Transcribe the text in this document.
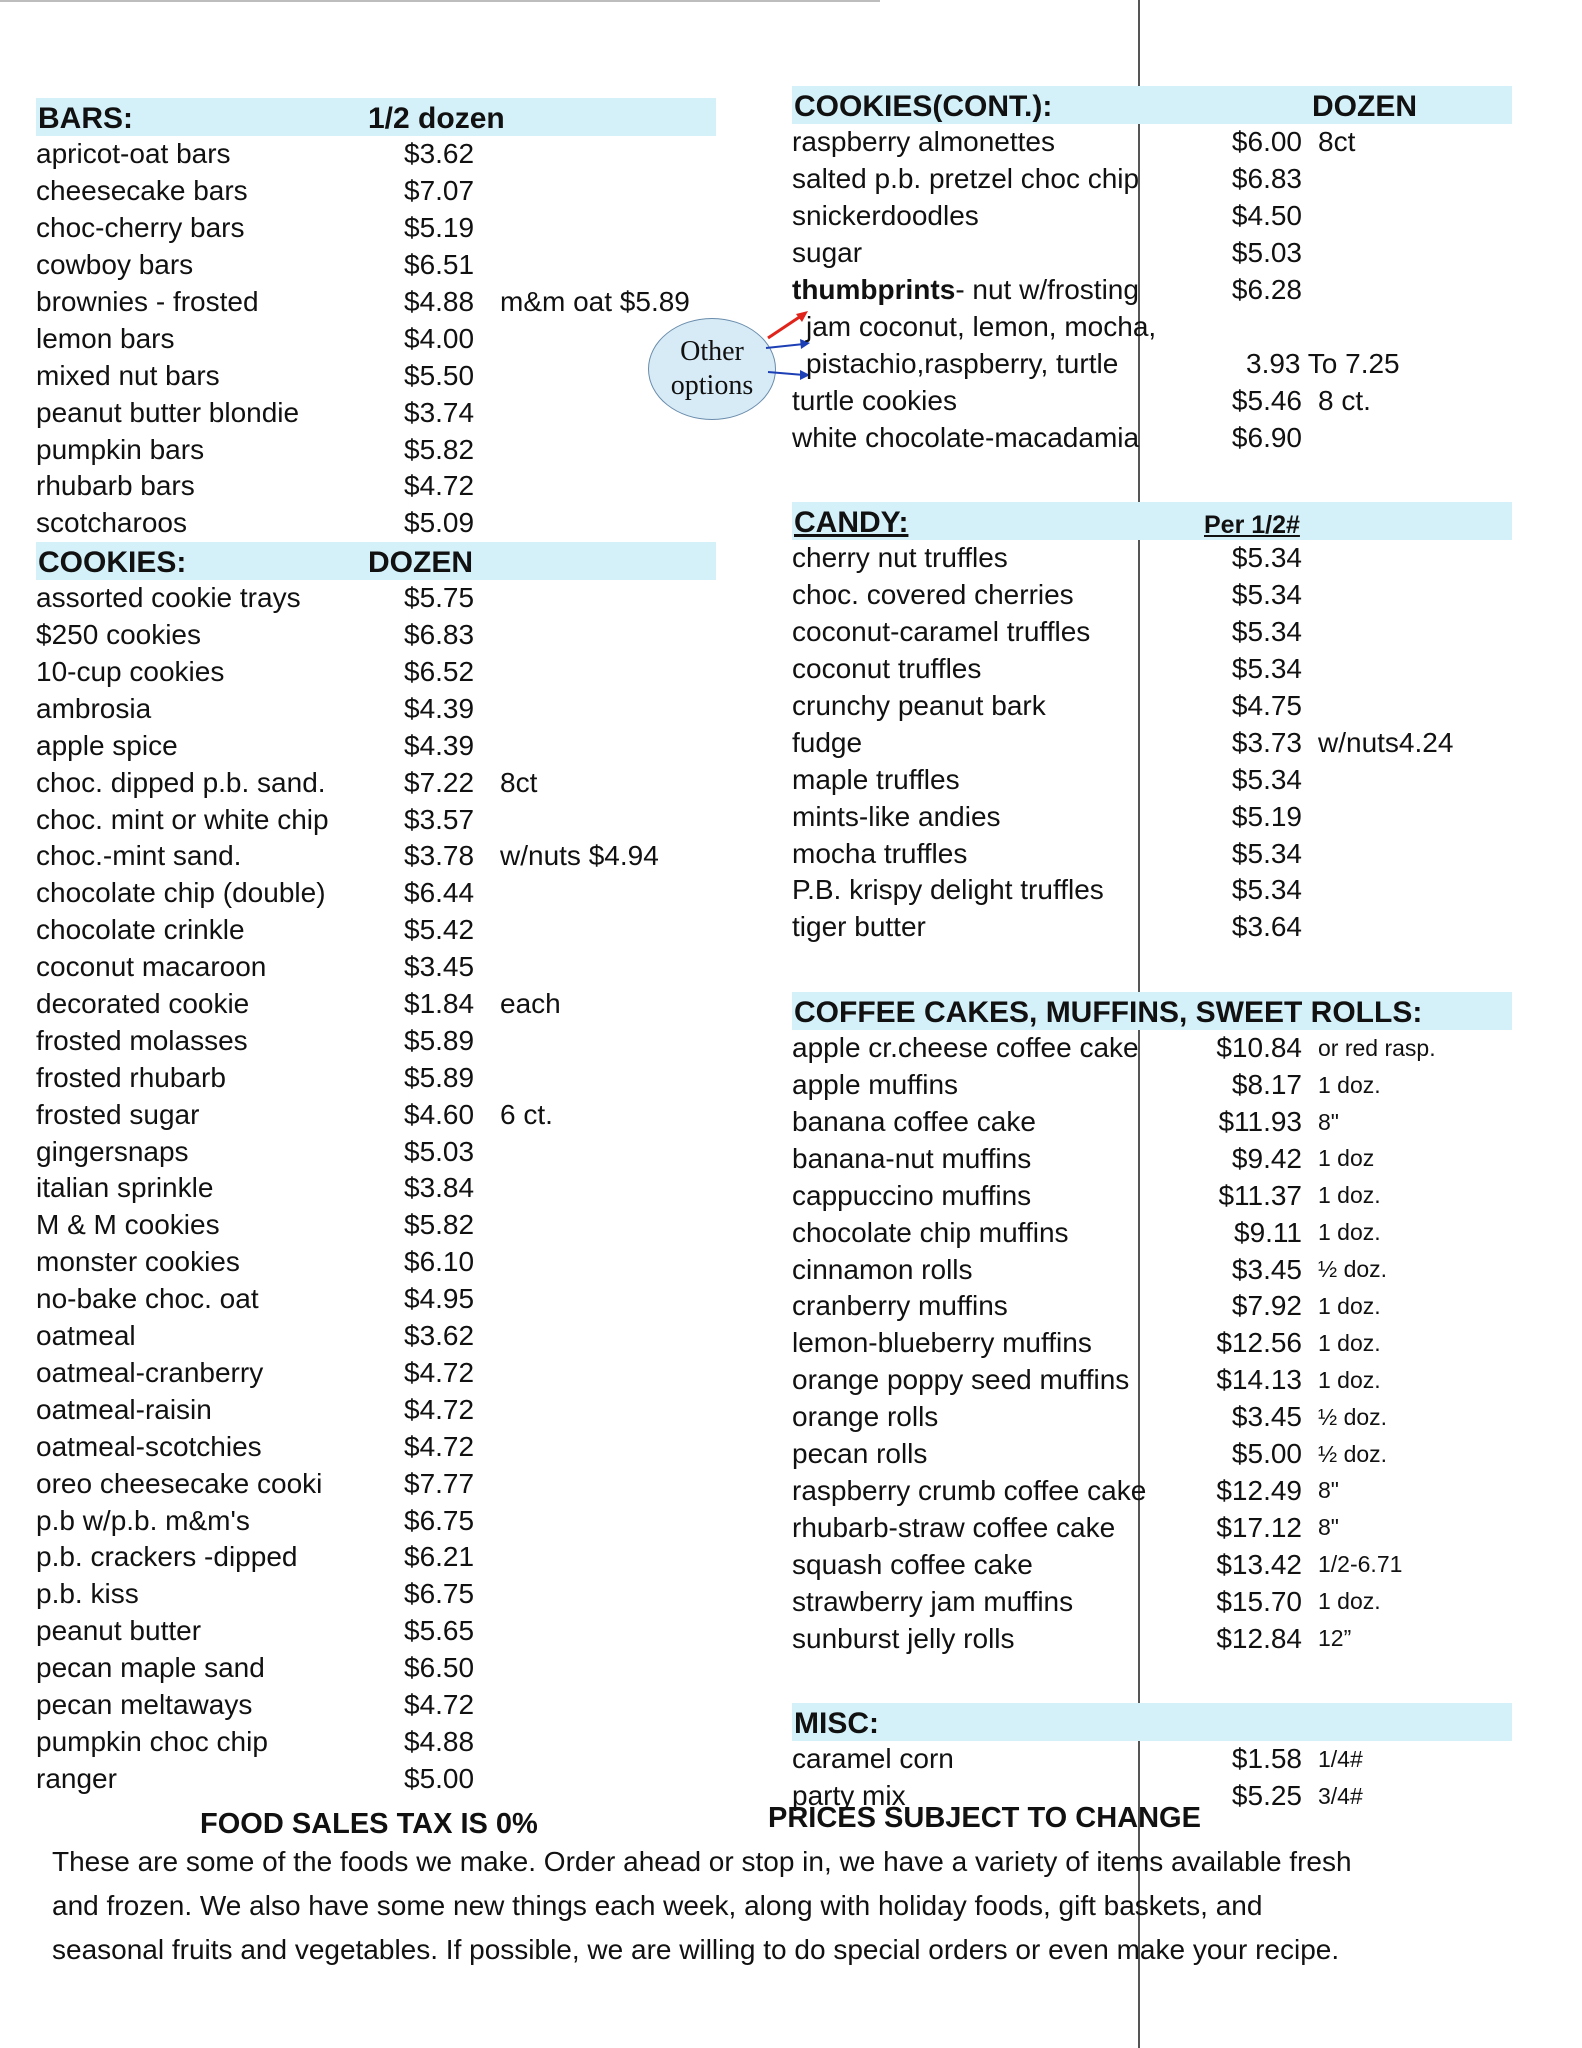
BARS:	1/2 dozen
apricot-oat bars	$3.62
cheesecake bars	$7.07
choc-cherry bars	$5.19
cowboy bars	$6.51
brownies - frosted	$4.88 m&m oat $5.89
lemon bars	$4.00
mixed nut bars	$5.50
peanut butter blondie	$3.74
pumpkin bars	$5.82
rhubarb bars	$4.72
scotcharoos	$5.09
COOKIES:	DOZEN
assorted cookie trays	$5.75
$250 cookies	$6.83
10-cup cookies	$6.52
ambrosia	$4.39
apple spice	$4.39
choc. dipped p.b. sand.	$7.22 8ct
choc. mint or white chip	$3.57
choc.-mint sand.	$3.78 w/nuts $4.94
chocolate chip (double)	$6.44
chocolate crinkle	$5.42
coconut macaroon	$3.45
decorated cookie	$1.84 each
frosted molasses	$5.89
frosted rhubarb	$5.89
frosted sugar	$4.60 6 ct.
gingersnaps	$5.03
italian sprinkle	$3.84
M & M cookies	$5.82
monster cookies	$6.10
no-bake choc. oat	$4.95
oatmeal	$3.62
oatmeal-cranberry	$4.72
oatmeal-raisin	$4.72
oatmeal-scotchies	$4.72
oreo cheesecake cooki	$7.77
p.b w/p.b. m&m's	$6.75
p.b. crackers -dipped	$6.21
p.b. kiss	$6.75
peanut butter	$5.65
pecan maple sand	$6.50
pecan meltaways	$4.72
pumpkin choc chip	$4.88
ranger	$5.00
Other
options
COOKIES(CONT.):	DOZEN
raspberry almonettes	$6.00 8ct
salted p.b. pretzel choc chip	$6.83
snickerdoodles	$4.50
sugar	$5.03
thumbprints- nut w/frosting	$6.28
jam coconut, lemon, mocha,
pistachio,raspberry, turtle	3.93 To 7.25
turtle cookies	$5.46 8 ct.
white chocolate-macadamia	$6.90
CANDY:	Per 1/2#
cherry nut truffles	$5.34
choc. covered cherries	$5.34
coconut-caramel truffles	$5.34
coconut truffles	$5.34
crunchy peanut bark	$4.75
fudge	$3.73 w/nuts4.24
maple truffles	$5.34
mints-like andies	$5.19
mocha truffles	$5.34
P.B. krispy delight truffles	$5.34
tiger butter	$3.64
COFFEE CAKES, MUFFINS, SWEET ROLLS:
apple cr.cheese coffee cake	$10.84 or red rasp.
apple muffins	$8.17 1 doz.
banana coffee cake	$11.93 8"
banana-nut muffins	$9.42 1 doz
cappuccino muffins	$11.37 1 doz.
chocolate chip muffins	$9.11 1 doz.
cinnamon rolls	$3.45 ½ doz.
cranberry muffins	$7.92 1 doz.
lemon-blueberry muffins	$12.56 1 doz.
orange poppy seed muffins	$14.13 1 doz.
orange rolls	$3.45 ½ doz.
pecan rolls	$5.00 ½ doz.
raspberry crumb coffee cake	$12.49 8"
rhubarb-straw coffee cake	$17.12 8"
squash coffee cake	$13.42 1/2-6.71
strawberry jam muffins	$15.70 1 doz.
sunburst jelly rolls	$12.84 12”
MISC:
caramel corn	$1.58 1/4#
party mix	$5.25 3/4#
FOOD SALES TAX IS 0%	PRICES SUBJECT TO CHANGE
These are some of the foods we make. Order ahead or stop in, we have a variety of items available fresh
and frozen. We also have some new things each week, along with holiday foods, gift baskets, and
seasonal fruits and vegetables. If possible, we are willing to do special orders or even make your recipe.
